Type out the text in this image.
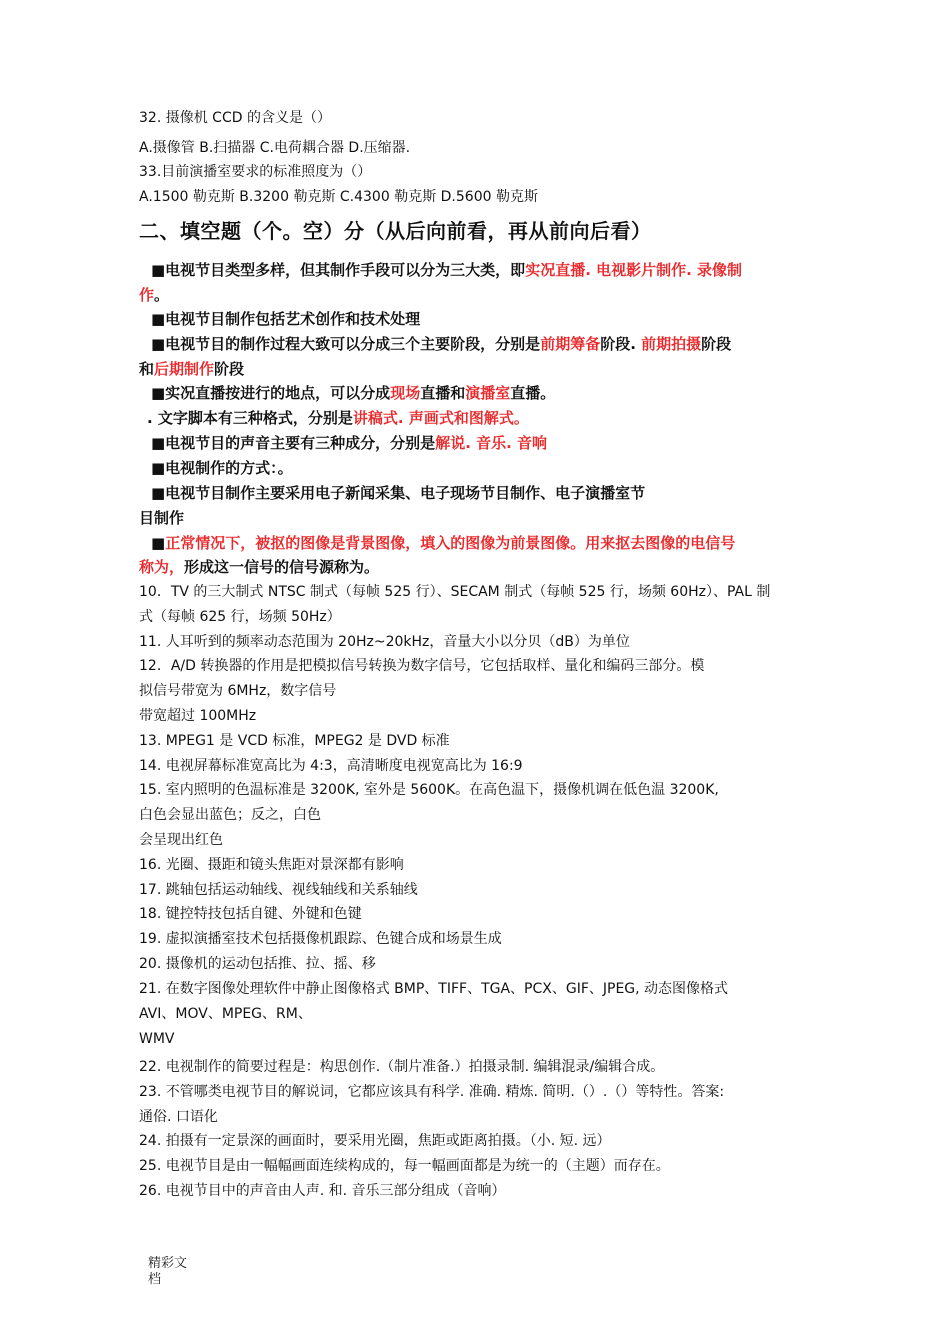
32. 摄像机 CCD 的含义是（）
A.摄像管 B.扫描器 C.电荷耦合器 D.压缩器.
33.目前演播室要求的标准照度为（）
A.1500 勒克斯 B.3200 勒克斯 C.4300 勒克斯 D.5600 勒克斯
二、填空题（个。空）分（从后向前看，再从前向后看）
■电视节目类型多样，但其制作手段可以分为三大类，即实况直播. 电视影片制作. 录像制
作。
■电视节目制作包括艺术创作和技术处理
■电视节目的制作过程大致可以分成三个主要阶段，分别是前期筹备阶段. 前期拍摄阶段
和后期制作阶段
■实况直播按进行的地点，可以分成现场直播和演播室直播。
. 文字脚本有三种格式，分别是讲稿式. 声画式和图解式。
■电视节目的声音主要有三种成分，分别是解说. 音乐. 音响
■电视制作的方式：。
■电视节目制作主要采用电子新闻采集、电子现场节目制作、电子演播室节
目制作
■正常情况下，被抠的图像是背景图像，填入的图像为前景图像。用来抠去图像的电信号
称为，形成这一信号的信号源称为。
10．TV 的三大制式 NTSC 制式（每帧 525 行）、SECAM 制式（每帧 525 行，场频 60Hz）、PAL 制
式（每帧 625 行，场频 50Hz）
11. 人耳听到的频率动态范围为 20Hz~20kHz，音量大小以分贝（dB）为单位
12．A/D 转换器的作用是把模拟信号转换为数字信号，它包括取样、量化和编码三部分。模
拟信号带宽为 6MHz，数字信号
带宽超过 100MHz
13. MPEG1 是 VCD 标准，MPEG2 是 DVD 标准
14. 电视屏幕标准宽高比为 4:3，高清晰度电视宽高比为 16:9
15. 室内照明的色温标准是 3200K, 室外是 5600K。在高色温下，摄像机调在低色温 3200K,
白色会显出蓝色；反之，白色
会呈现出红色
16. 光圈、摄距和镜头焦距对景深都有影响
17. 跳轴包括运动轴线、视线轴线和关系轴线
18. 键控特技包括自键、外键和色键
19. 虚拟演播室技术包括摄像机跟踪、色键合成和场景生成
20. 摄像机的运动包括推、拉、摇、移
21. 在数字图像处理软件中静止图像格式 BMP、TIFF、TGA、PCX、GIF、JPEG, 动态图像格式
AVI、MOV、MPEG、RM、
WMV
22. 电视制作的简要过程是：构思创作.（制片准备.）拍摄录制. 编辑混录/编辑合成。
23. 不管哪类电视节目的解说词，它都应该具有科学. 准确. 精炼. 简明.（）.（）等特性。答案:
通俗. 口语化
24. 拍摄有一定景深的画面时，要采用光圈，焦距或距离拍摄。（小. 短. 远）
25. 电视节目是由一幅幅画面连续构成的，每一幅画面都是为统一的（主题）而存在。
26. 电视节目中的声音由人声. 和. 音乐三部分组成（音响）
精彩文
档
